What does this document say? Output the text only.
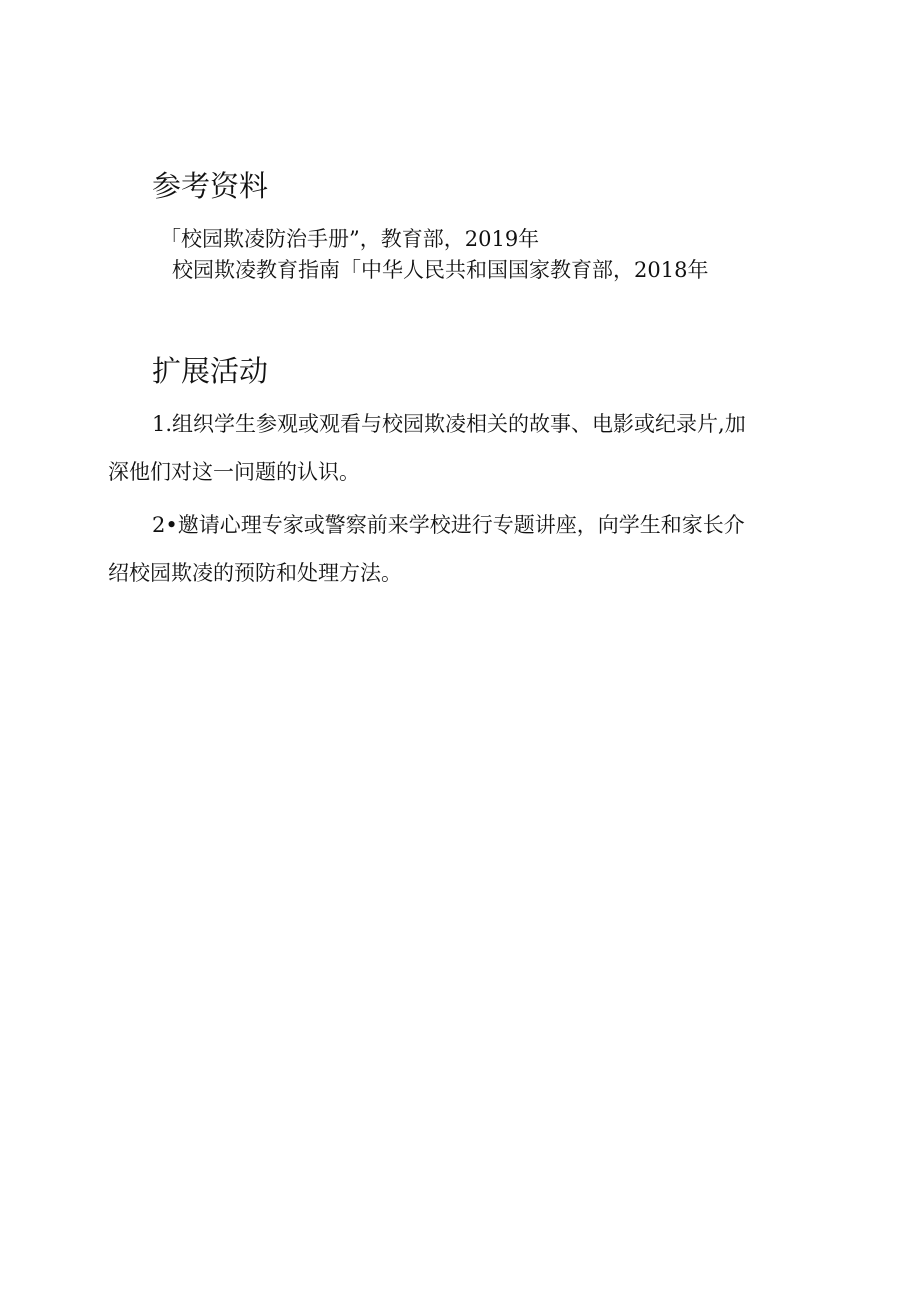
参考资料

「校园欺凌防治手册”，教育部，2019年

校园欺凌教育指南「中华人民共和国国家教育部，2018年

扩展活动

1.组织学生参观或观看与校园欺凌相关的故事、电影或纪录片,加

深他们对这一问题的认识。

2•邀请心理专家或警察前来学校进行专题讲座，向学生和家长介

绍校园欺凌的预防和处理方法。
